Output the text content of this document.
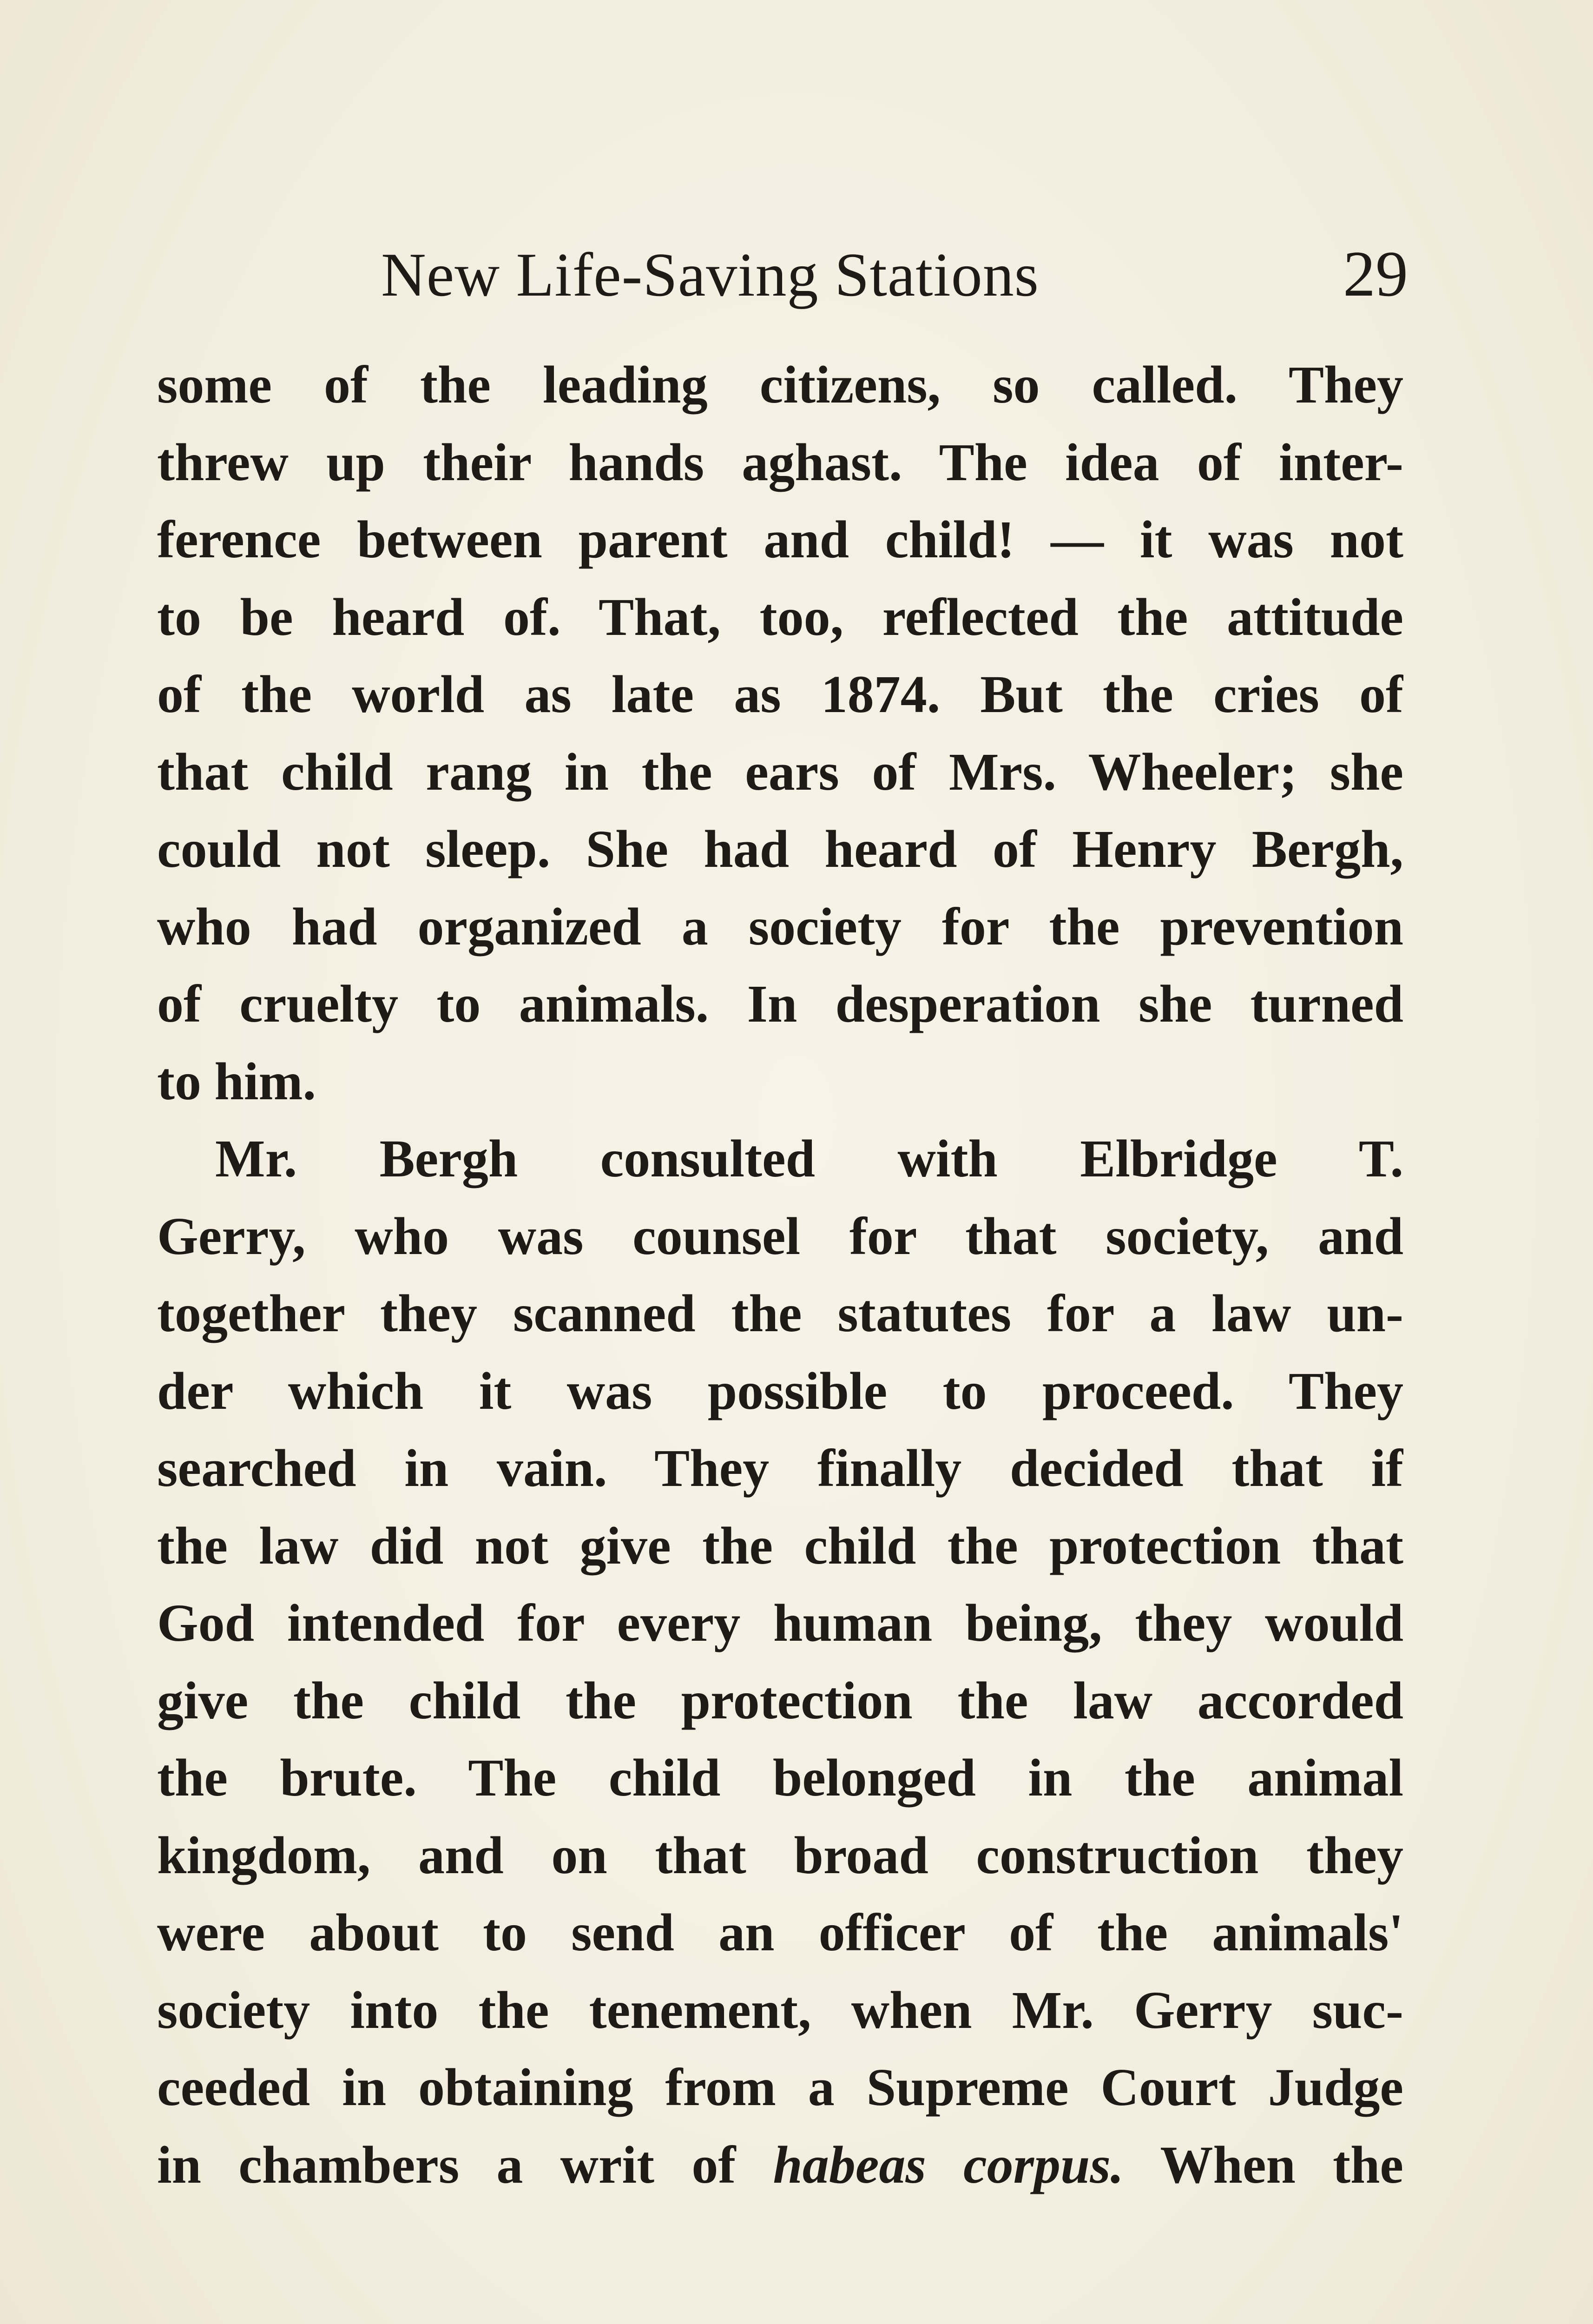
New Life-Saving Stations	29
some of the leading citizens, so called. They
threw up their hands aghast. The idea of inter-
ference between parent and child! — it was not
to be heard of. That, too, reflected the attitude
of the world as late as 1874. But the cries of
that child rang in the ears of Mrs. Wheeler; she
could not sleep. She had heard of Henry Bergh,
who had organized a society for the prevention
of cruelty to animals. In desperation she turned
to him.
Mr. Bergh consulted with Elbridge T.
Gerry, who was counsel for that society, and
together they scanned the statutes for a law un-
der which it was possible to proceed. They
searched in vain. They finally decided that if
the law did not give the child the protection that
God intended for every human being, they would
give the child the protection the law accorded
the brute. The child belonged in the animal
kingdom, and on that broad construction they
were about to send an officer of the animals'
society into the tenement, when Mr. Gerry suc-
ceeded in obtaining from a Supreme Court Judge
in chambers a writ of habeas corpus. When the
